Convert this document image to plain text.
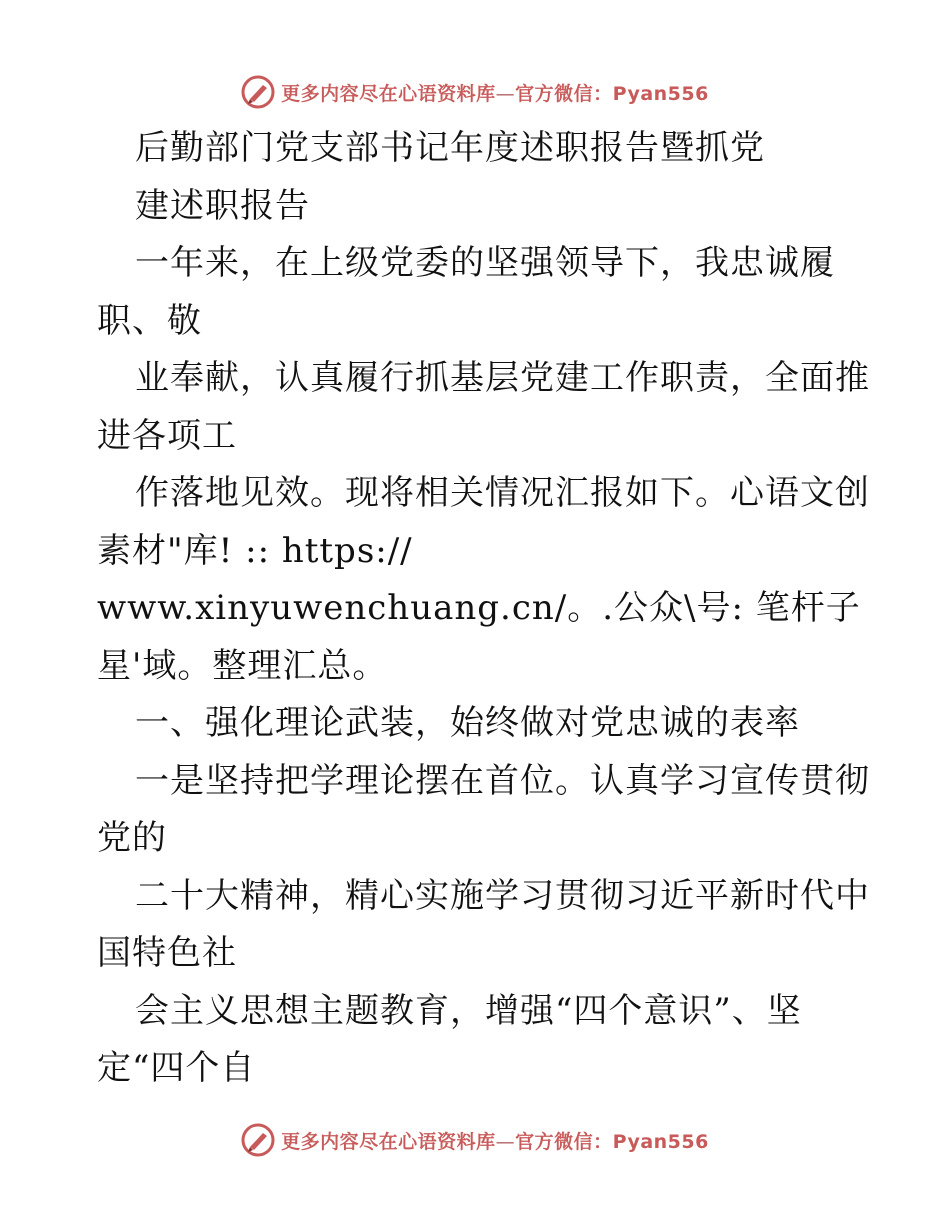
更多内容尽在心语资料库—官方微信：Pyan556
后勤部门党支部书记年度述职报告暨抓党
建述职报告
一年来，在上级党委的坚强领导下，我忠诚履
职、敬
业奉献，认真履行抓基层党建工作职责，全面推
进各项工
作落地见效。现将相关情况汇报如下。心语文创
素材"库! :: https://
www.xinyuwenchuang.cn/。.公众\号: 笔杆子
星'域。整理汇总。
一、强化理论武装，始终做对党忠诚的表率
一是坚持把学理论摆在首位。认真学习宣传贯彻
党的
二十大精神，精心实施学习贯彻习近平新时代中
国特色社
会主义思想主题教育，增强“四个意识”、坚
定“四个自
更多内容尽在心语资料库—官方微信：Pyan556
